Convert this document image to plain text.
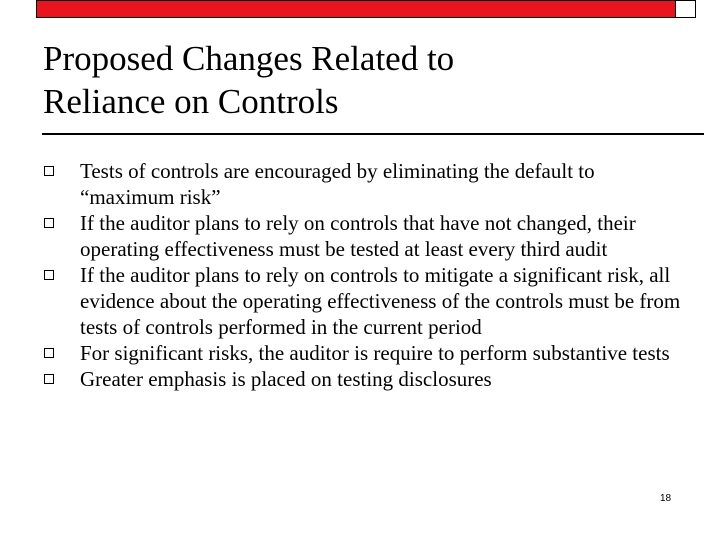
Proposed Changes Related to
Reliance on Controls
Tests of controls are encouraged by eliminating the default to “maximum risk”
If the auditor plans to rely on controls that have not changed, their operating effectiveness must be tested at least every third audit
If the auditor plans to rely on controls to mitigate a significant risk, all evidence about the operating effectiveness of the controls must be from tests of controls performed in the current period
For significant risks, the auditor is require to perform substantive tests
Greater emphasis is placed on testing disclosures
18
